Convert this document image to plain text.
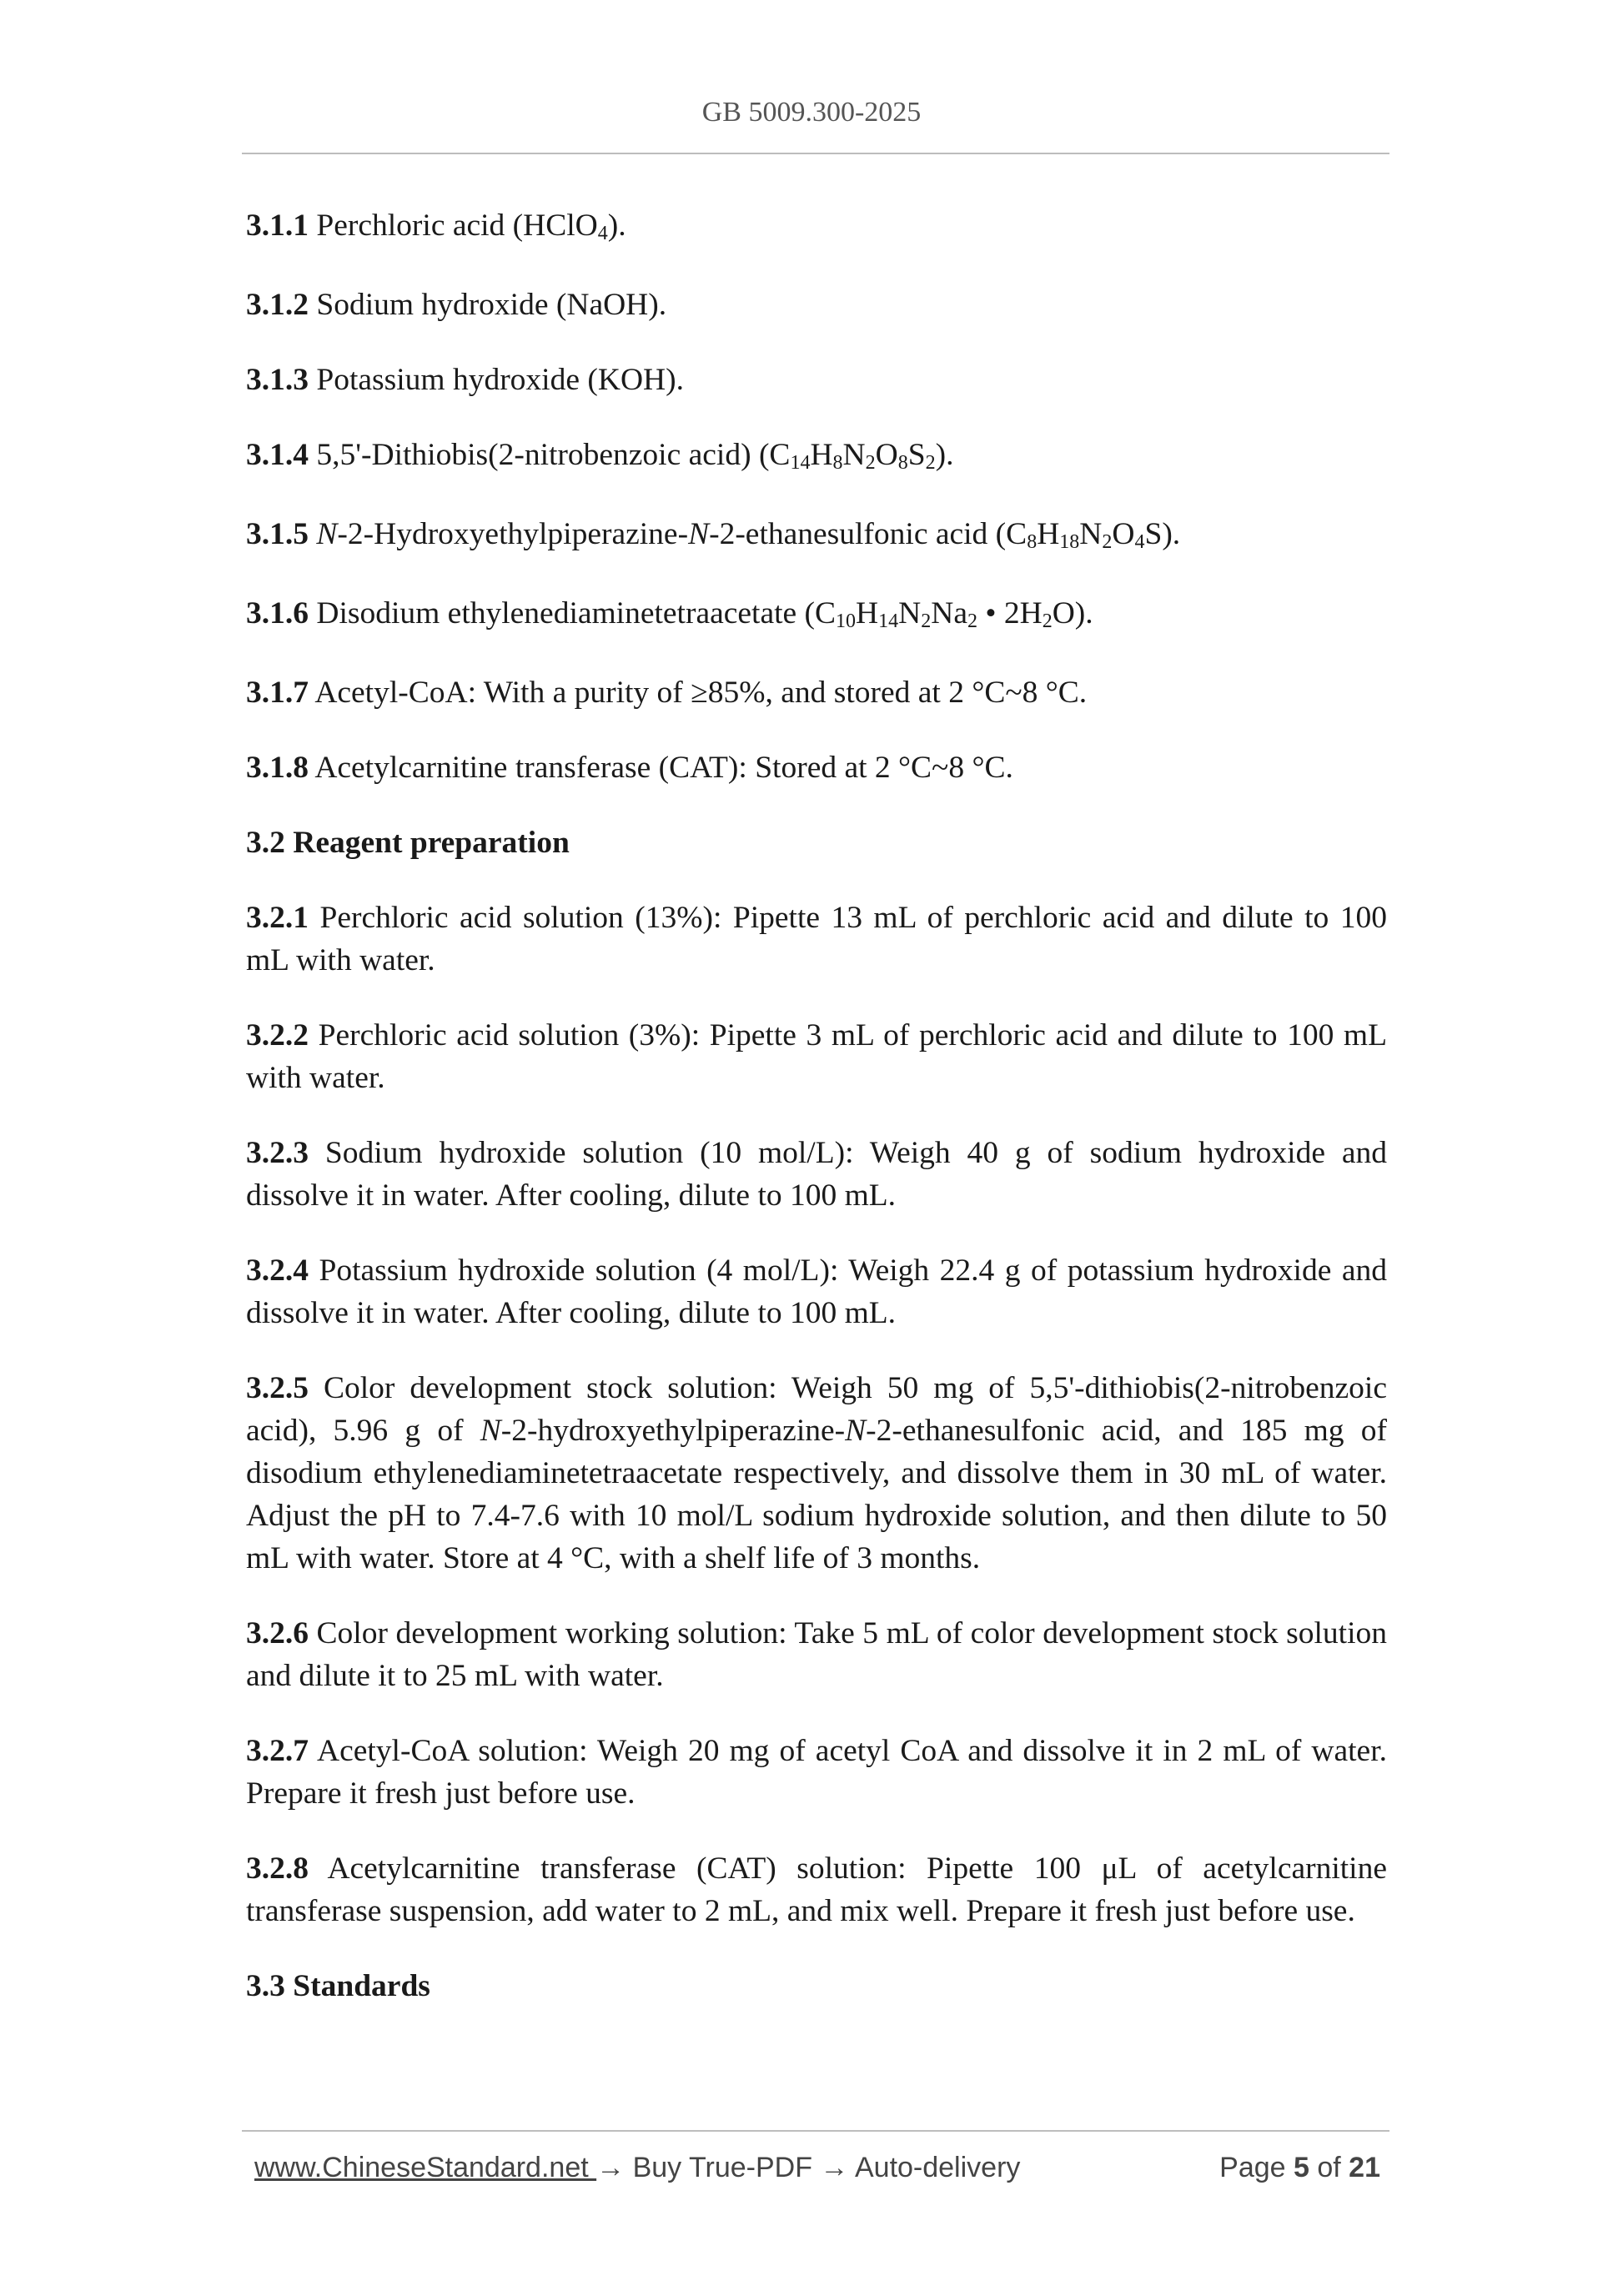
GB 5009.300-2025

3.1.1 Perchloric acid (HClO4).

3.1.2 Sodium hydroxide (NaOH).

3.1.3 Potassium hydroxide (KOH).

3.1.4 5,5'-Dithiobis(2-nitrobenzoic acid) (C14H8N2O8S2).

3.1.5 N-2-Hydroxyethylpiperazine-N-2-ethanesulfonic acid (C8H18N2O4S).

3.1.6 Disodium ethylenediaminetetraacetate (C10H14N2Na2 • 2H2O).

3.1.7 Acetyl-CoA: With a purity of ≥85%, and stored at 2 °C~8 °C.

3.1.8 Acetylcarnitine transferase (CAT): Stored at 2 °C~8 °C.

3.2 Reagent preparation

3.2.1 Perchloric acid solution (13%): Pipette 13 mL of perchloric acid and dilute to 100 mL with water.

3.2.2 Perchloric acid solution (3%): Pipette 3 mL of perchloric acid and dilute to 100 mL with water.

3.2.3 Sodium hydroxide solution (10 mol/L): Weigh 40 g of sodium hydroxide and dissolve it in water. After cooling, dilute to 100 mL.

3.2.4 Potassium hydroxide solution (4 mol/L): Weigh 22.4 g of potassium hydroxide and dissolve it in water. After cooling, dilute to 100 mL.

3.2.5 Color development stock solution: Weigh 50 mg of 5,5'-dithiobis(2-nitrobenzoic acid), 5.96 g of N-2-hydroxyethylpiperazine-N-2-ethanesulfonic acid, and 185 mg of disodium ethylenediaminetetraacetate respectively, and dissolve them in 30 mL of water. Adjust the pH to 7.4-7.6 with 10 mol/L sodium hydroxide solution, and then dilute to 50 mL with water. Store at 4 °C, with a shelf life of 3 months.

3.2.6 Color development working solution: Take 5 mL of color development stock solution and dilute it to 25 mL with water.

3.2.7 Acetyl-CoA solution: Weigh 20 mg of acetyl CoA and dissolve it in 2 mL of water. Prepare it fresh just before use.

3.2.8 Acetylcarnitine transferase (CAT) solution: Pipette 100 μL of acetylcarnitine transferase suspension, add water to 2 mL, and mix well. Prepare it fresh just before use.

3.3 Standards

www.ChineseStandard.net → Buy True-PDF → Auto-delivery	Page 5 of 21
